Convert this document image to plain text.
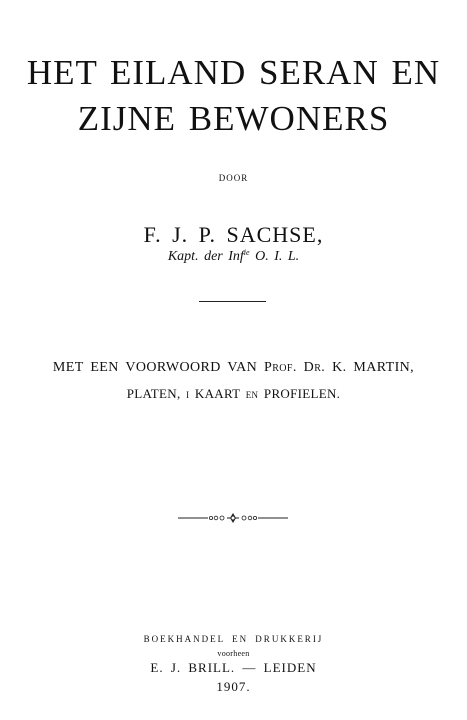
HET EILAND SERAN EN
ZIJNE BEWONERS
DOOR
F. J. P. SACHSE,
Kapt. der Inf$^{ie}$ O. I. L.
MET EEN VOORWOORD VAN Prof. Dr. K. MARTIN,
PLATEN, i KAART en PROFIELEN.
BOEKHANDEL EN DRUKKERIJ
voorheen
E. J. BRILL. — LEIDEN
1907.
